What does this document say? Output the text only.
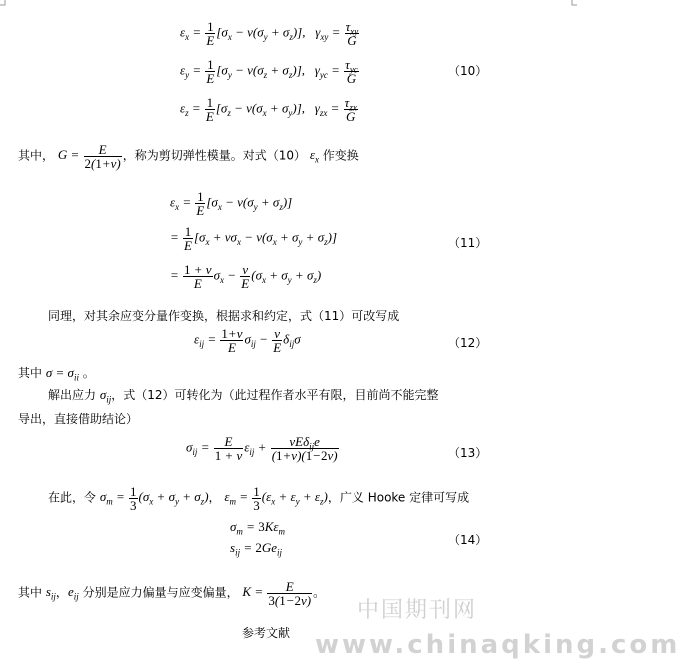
$\varepsilon_x = \frac{1}{E} [\sigma_x - \nu(\sigma_y + \sigma_z)]$,   $\gamma_{xy} = \frac{\tau_{xy}}{G}$
$\varepsilon_y = \frac{1}{E} [\sigma_y - \nu(\sigma_z + \sigma_z)]$,   $\gamma_{yc} = \frac{\tau_{yc}}{G}$
$\varepsilon_z = \frac{1}{E} [\sigma_z - \nu(\sigma_x + \sigma_y)]$,   $\gamma_{zx} = \frac{\tau_{zx}}{G}$
（10）
其中， $G = \frac{E}{2(1+\nu)}$ ，称为剪切弹性模量。对式（10） $\varepsilon_x$ 作变换
$\varepsilon_x = \frac{1}{E} [\sigma_x - \nu(\sigma_y + \sigma_z)]$
= $\frac{1}{E} [\sigma_x + \nu\sigma_x - \nu(\sigma_x + \sigma_y + \sigma_z)]$
= $\frac{1 + \nu}{E} \sigma_x - \frac{\nu}{E} (\sigma_x + \sigma_y + \sigma_z)$
（11）
同理，对其余应变分量作变换，根据求和约定，式（11）可改写成
$\varepsilon_{ij} = \frac{1+\nu}{E} \sigma_{ij} - \frac{\nu}{E} \delta_{ij}\sigma$	（12）
其中 $\sigma = \sigma_{ii}$ 。
解出应力 $\sigma_{ij}$，式（12）可转化为（此过程作者水平有限，目前尚不能完整
导出，直接借助结论）
$\sigma_{ij} = \frac{E}{1 + \nu} \varepsilon_{ij} + \frac{\nu E\delta_{ij}e}{(1+\nu)(1-2\nu)}$	（13）
在此，令 $\sigma_m = \frac{1}{3} (\sigma_x + \sigma_y + \sigma_z)$， $\varepsilon_m = \frac{1}{3} (\varepsilon_x + \varepsilon_y + \varepsilon_z)$，广义 Hooke 定律可写成
$\sigma_m = 3K\varepsilon_m$
$s_{ij} = 2Ge_{ij}$
（14）
其中 $s_{ij}$，$e_{ij}$ 分别是应力偏量与应变偏量， $K = \frac{E}{3(1-2\nu)}$ 。
参考文献
中国期刊网
www.chinaqking.com
